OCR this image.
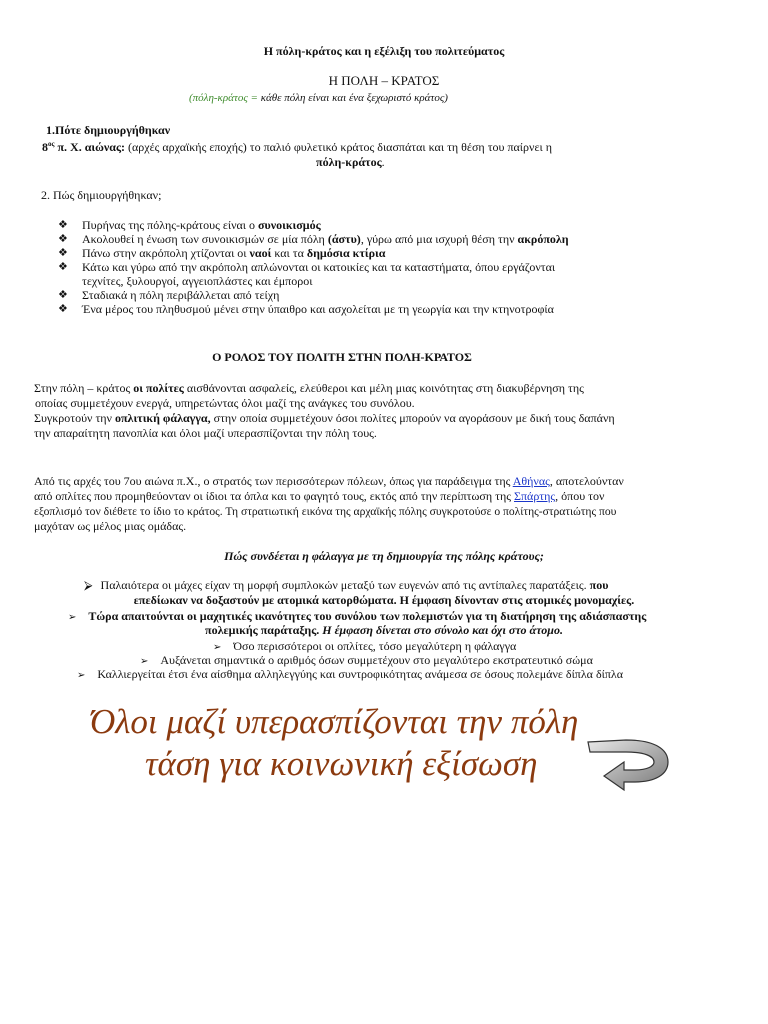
Η πόλη-κράτος και η εξέλιξη του πολιτεύματος
Η ΠΟΛΗ – ΚΡΑΤΟΣ
(πόλη-κράτος = κάθε πόλη είναι και ένα ξεχωριστό κράτος)
1.Πότε δημιουργήθηκαν
$8^{o\varsigma}$ π. Χ. αιώνας: (αρχές αρχαϊκής εποχής) το παλιό φυλετικό κράτος διασπάται και τη θέση του παίρνει η
πόλη-κράτος.
2. Πώς δημιουργήθηκαν;
❖ Πυρήνας της πόλης-κράτους είναι ο συνοικισμός
❖ Ακολουθεί η ένωση των συνοικισμών σε μία πόλη (άστυ), γύρω από μια ισχυρή θέση την ακρόπολη
❖ Πάνω στην ακρόπολη χτίζονται οι ναοί και τα δημόσια κτίρια
❖ Κάτω και γύρω από την ακρόπολη απλώνονται οι κατοικίες και τα καταστήματα, όπου εργάζονται
τεχνίτες, ξυλουργοί, αγγειοπλάστες και έμποροι
❖ Σταδιακά η πόλη περιβάλλεται από τείχη
❖ Ένα μέρος του πληθυσμού μένει στην ύπαιθρο και ασχολείται με τη γεωργία και την κτηνοτροφία
Ο ΡΟΛΟΣ ΤΟΥ ΠΟΛΙΤΗ ΣΤΗΝ ΠΟΛΗ-ΚΡΑΤΟΣ
Στην πόλη – κράτος οι πολίτες αισθάνονται ασφαλείς, ελεύθεροι και μέλη μιας κοινότητας στη διακυβέρνηση της
οποίας συμμετέχουν ενεργά, υπηρετώντας όλοι μαζί της ανάγκες του συνόλου.
Συγκροτούν την οπλιτική φάλαγγα, στην οποία συμμετέχουν όσοι πολίτες μπορούν να αγοράσουν με δική τους δαπάνη
την απαραίτητη πανοπλία και όλοι μαζί υπερασπίζονται την πόλη τους.
Από τις αρχές του 7ου αιώνα π.Χ., ο στρατός των περισσότερων πόλεων, όπως για παράδειγμα της Αθήνας, αποτελούνταν
από οπλίτες που προμηθεύονταν οι ίδιοι τα όπλα και το φαγητό τους, εκτός από την περίπτωση της Σπάρτης, όπου τον
εξοπλισμό τον διέθετε το ίδιο το κράτος. Τη στρατιωτική εικόνα της αρχαϊκής πόλης συγκροτούσε ο πολίτης-στρατιώτης που
μαχόταν ως μέλος μιας ομάδας.
Πώς συνδέεται η φάλαγγα με τη δημιουργία της πόλης κράτους;
⮚ Παλαιότερα οι μάχες είχαν τη μορφή συμπλοκών μεταξύ των ευγενών από τις αντίπαλες παρατάξεις. που
επεδίωκαν να δοξαστούν με ατομικά κατορθώματα. Η έμφαση δίνονταν στις ατομικές μονομαχίες.
➢ Τώρα απαιτούνται οι μαχητικές ικανότητες του συνόλου των πολεμιστών για τη διατήρηση της αδιάσπαστης
πολεμικής παράταξης. Η έμφαση δίνεται στο σύνολο και όχι στο άτομο.
➢ Όσο περισσότεροι οι οπλίτες, τόσο μεγαλύτερη η φάλαγγα
➢ Αυξάνεται σημαντικά ο αριθμός όσων συμμετέχουν στο μεγαλύτερο εκστρατευτικό σώμα
➢ Καλλιεργείται έτσι ένα αίσθημα αλληλεγγύης και συντροφικότητας ανάμεσα σε όσους πολεμάνε δίπλα δίπλα
Όλοι μαζί υπερασπίζονται την πόλη
τάση για κοινωνική εξίσωση
